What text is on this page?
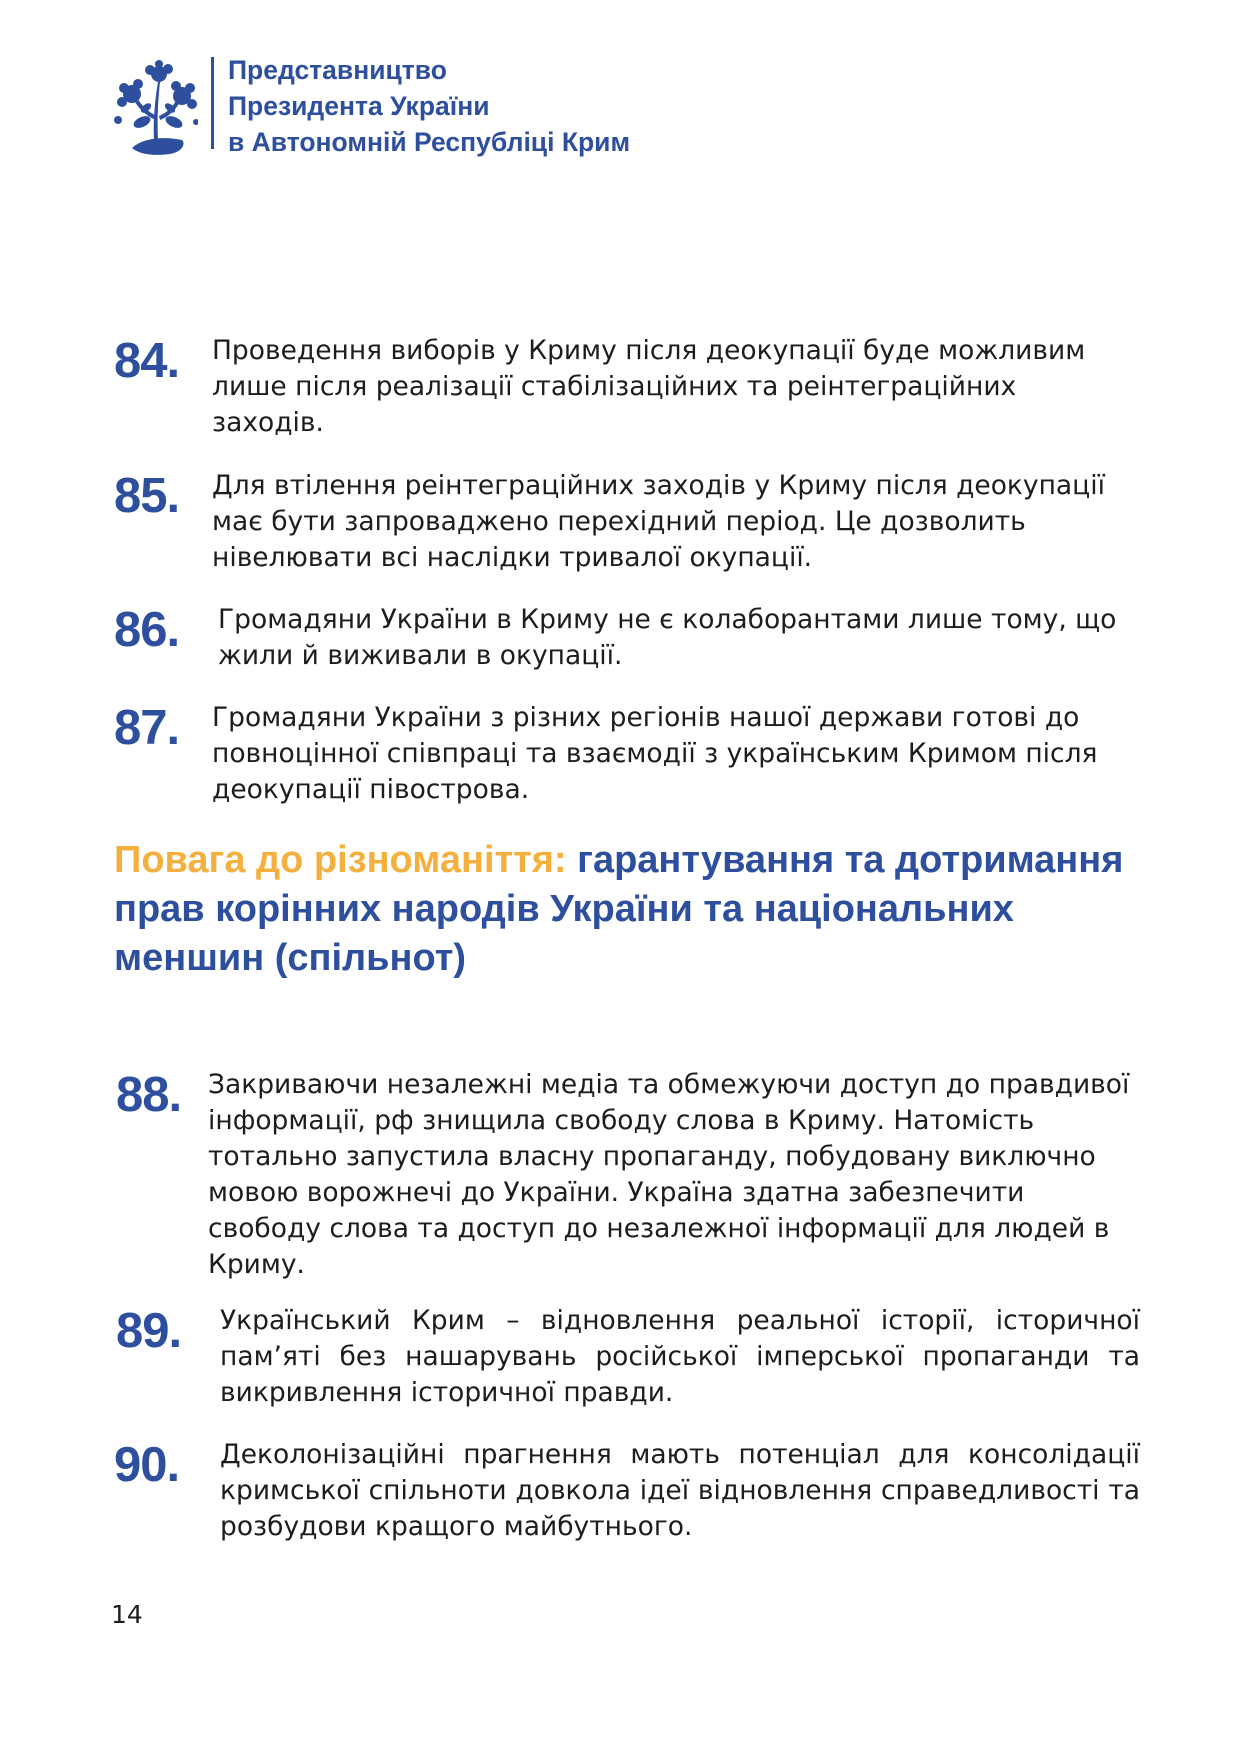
Представництво
Президента України
в Автономній Республіці Крим
84. Проведення виборів у Криму після деокупації буде можливим лише після реалізації стабілізаційних та реінтеграційних заходів.
85. Для втілення реінтеграційних заходів у Криму після деокупації має бути запроваджено перехідний період. Це дозволить нівелювати всі наслідки тривалої окупації.
86. Громадяни України в Криму не є колаборантами лише тому, що жили й виживали в окупації.
87. Громадяни України з різних регіонів нашої держави готові до повноцінної співпраці та взаємодії з українським Кримом після деокупації півострова.
Повага до різноманіття: гарантування та дотримання прав корінних народів України та національних меншин (спільнот)
88. Закриваючи незалежні медіа та обмежуючи доступ до правдивої інформації, рф знищила свободу слова в Криму. Натомість тотально запустила власну пропаганду, побудовану виключно мовою ворожнечі до України. Україна здатна забезпечити свободу слова та доступ до незалежної інформації для людей в Криму.
89. Український Крим – відновлення реальної історії, історичної пам’яті без нашарувань російської імперської пропаганди та викривлення історичної правди.
90. Деколонізаційні прагнення мають потенціал для консолідації кримської спільноти довкола ідеї відновлення справедливості та розбудови кращого майбутнього.
14
